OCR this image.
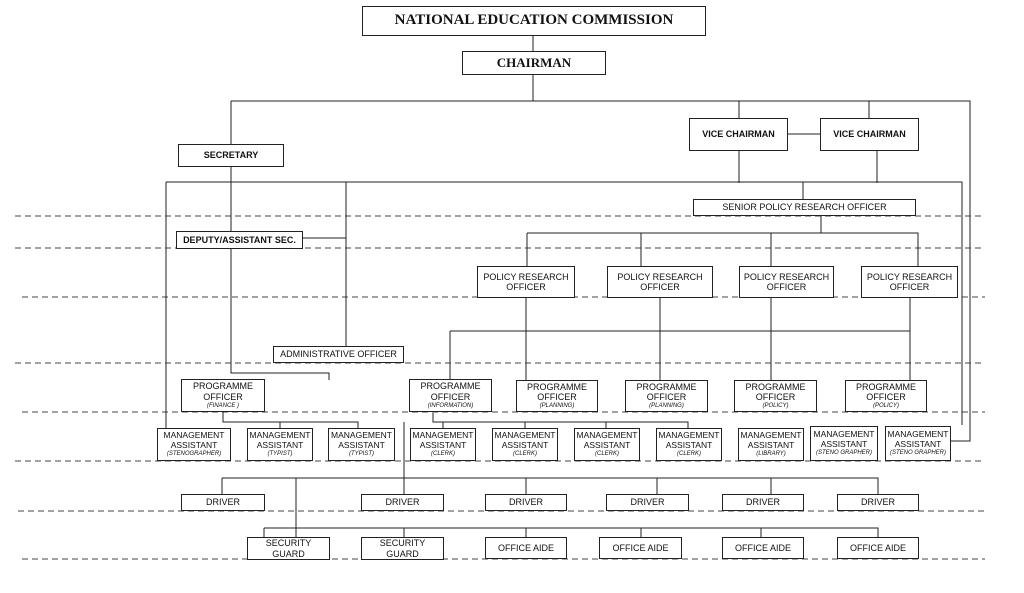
NATIONAL EDUCATION COMMISSION
CHAIRMAN
VICE CHAIRMAN	VICE CHAIRMAN
SECRETARY
DEPUTY/ASSISTANT SEC.
ADMINISTRATIVE OFFICER
SENIOR POLICY RESEARCH OFFICER
POLICY RESEARCH
OFFICER
POLICY RESEARCH
OFFICER
POLICY RESEARCH
OFFICER
POLICY RESEARCH
OFFICER
PROGRAMME
OFFICER
(FINANCE )
PROGRAMME
OFFICER
(INFORMATION)
PROGRAMME
OFFICER
(PLANNING)
PROGRAMME
OFFICER
(PLANNING)
PROGRAMME
OFFICER
(POLICY)
PROGRAMME
OFFICER
(POLICY)
MANAGEMENT
ASSISTANT
(STENOGRAPHER)
MANAGEMENT
ASSISTANT
(TYPIST)
MANAGEMENT
ASSISTANT
(TYPIST)
MANAGEMENT
ASSISTANT
(CLERK)
MANAGEMENT
ASSISTANT
(CLERK)
MANAGEMENT
ASSISTANT
(CLERK)
MANAGEMENT
ASSISTANT
(CLERK)
MANAGEMENT
ASSISTANT
(LIBRARY)
MANAGEMENT
ASSISTANT
(STENO GRAPHER)
MANAGEMENT
ASSISTANT
(STENO GRAPHER)
DRIVER	DRIVER	DRIVER	DRIVER	DRIVER	DRIVER
SECURITY
GUARD
SECURITY
GUARD
OFFICE AIDE	OFFICE AIDE	OFFICE AIDE	OFFICE AIDE
